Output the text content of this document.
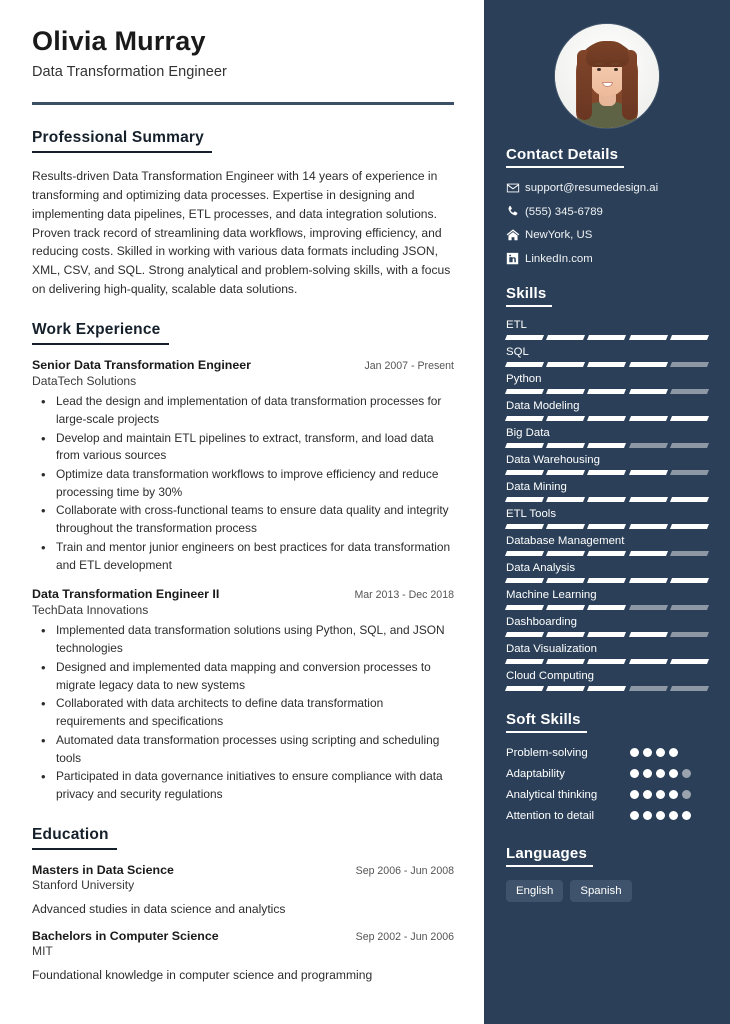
Olivia Murray
Data Transformation Engineer
Professional Summary
Results-driven Data Transformation Engineer with 14 years of experience in transforming and optimizing data processes. Expertise in designing and implementing data pipelines, ETL processes, and data integration solutions. Proven track record of streamlining data workflows, improving efficiency, and reducing costs. Skilled in working with various data formats including JSON, XML, CSV, and SQL. Strong analytical and problem-solving skills, with a focus on delivering high-quality, scalable data solutions.
Work Experience
Senior Data Transformation Engineer	Jan 2007 - Present
DataTech Solutions
• Lead the design and implementation of data transformation processes for large-scale projects
• Develop and maintain ETL pipelines to extract, transform, and load data from various sources
• Optimize data transformation workflows to improve efficiency and reduce processing time by 30%
• Collaborate with cross-functional teams to ensure data quality and integrity throughout the transformation process
• Train and mentor junior engineers on best practices for data transformation and ETL development
Data Transformation Engineer II	Mar 2013 - Dec 2018
TechData Innovations
• Implemented data transformation solutions using Python, SQL, and JSON technologies
• Designed and implemented data mapping and conversion processes to migrate legacy data to new systems
• Collaborated with data architects to define data transformation requirements and specifications
• Automated data transformation processes using scripting and scheduling tools
• Participated in data governance initiatives to ensure compliance with data privacy and security regulations
Education
Masters in Data Science	Sep 2006 - Jun 2008
Stanford University
Advanced studies in data science and analytics
Bachelors in Computer Science	Sep 2002 - Jun 2006
MIT
Foundational knowledge in computer science and programming
Contact Details
support@resumedesign.ai
(555) 345-6789
NewYork, US
LinkedIn.com
Skills
ETL
SQL
Python
Data Modeling
Big Data
Data Warehousing
Data Mining
ETL Tools
Database Management
Data Analysis
Machine Learning
Dashboarding
Data Visualization
Cloud Computing
Soft Skills
Problem-solving
Adaptability
Analytical thinking
Attention to detail
Languages
English	Spanish
